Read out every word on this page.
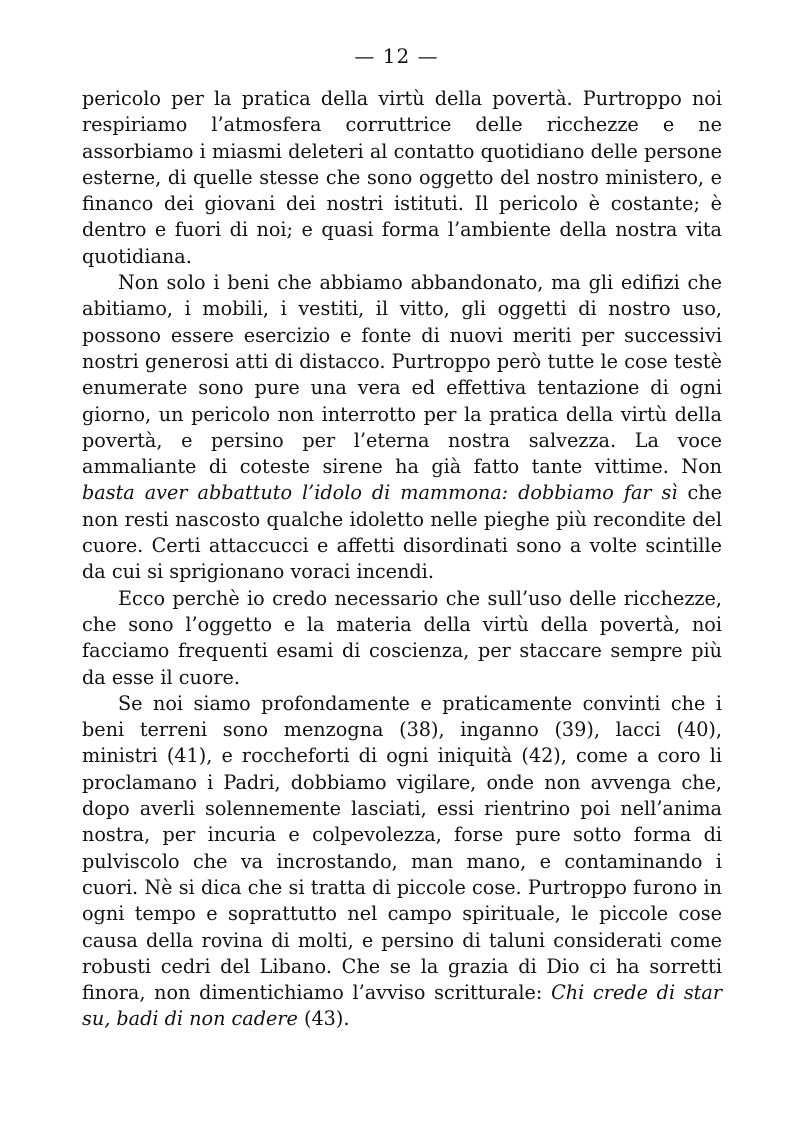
— 12 —

pericolo per la pratica della virtù della povertà. Purtroppo noi respiriamo l’atmosfera corruttrice delle ricchezze e ne assorbiamo i miasmi deleteri al contatto quotidiano delle persone esterne, di quelle stesse che sono oggetto del nostro ministero, e financo dei giovani dei nostri istituti. Il pericolo è costante; è dentro e fuori di noi; e quasi forma l’ambiente della nostra vita quotidiana.

Non solo i beni che abbiamo abbandonato, ma gli edifizi che abitiamo, i mobili, i vestiti, il vitto, gli oggetti di nostro uso, possono essere esercizio e fonte di nuovi meriti per successivi nostri generosi atti di distacco. Purtroppo però tutte le cose testè enumerate sono pure una vera ed effettiva tentazione di ogni giorno, un pericolo non interrotto per la pratica della virtù della povertà, e persino per l’eterna nostra salvezza. La voce ammaliante di coteste sirene ha già fatto tante vittime. Non basta aver abbattuto l’idolo di mammona: dobbiamo far sì che non resti nascosto qualche idoletto nelle pieghe più recondite del cuore. Certi attaccucci e affetti disordinati sono a volte scintille da cui si sprigionano voraci incendi.

Ecco perchè io credo necessario che sull’uso delle ricchezze, che sono l’oggetto e la materia della virtù della povertà, noi facciamo frequenti esami di coscienza, per staccare sempre più da esse il cuore.

Se noi siamo profondamente e praticamente convinti che i beni terreni sono menzogna (38), inganno (39), lacci (40), ministri (41), e roccheforti di ogni iniquità (42), come a coro li proclamano i Padri, dobbiamo vigilare, onde non avvenga che, dopo averli solennemente lasciati, essi rientrino poi nell’anima nostra, per incuria e colpevolezza, forse pure sotto forma di pulviscolo che va incrostando, man mano, e contaminando i cuori. Nè si dica che si tratta di piccole cose. Purtroppo furono in ogni tempo e soprattutto nel campo spirituale, le piccole cose causa della rovina di molti, e persino di taluni considerati come robusti cedri del Libano. Che se la grazia di Dio ci ha sorretti finora, non dimentichiamo l’avviso scritturale: Chi crede di star su, badi di non cadere (43).
